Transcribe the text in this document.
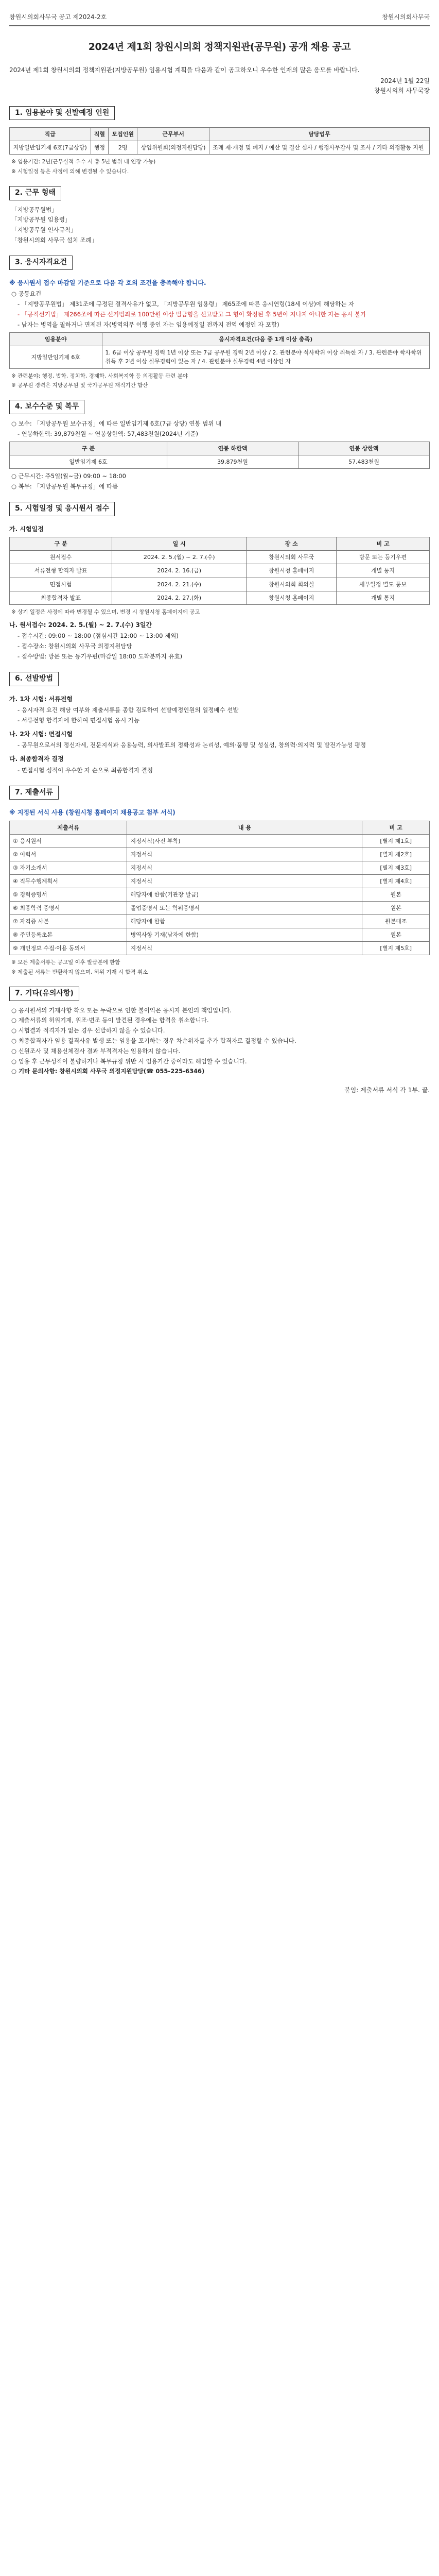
창원시의회사무국 공고 제2024-2호	창원시의회사무국
2024년 제1회 창원시의회 정책지원관(공무원) 공개 채용 공고

2024년 제1회 창원시의회 정책지원관(지방공무원) 임용시험 계획을 다음과 같이 공고하오니 우수한 인재의 많은 응모를 바랍니다.

2024년 1월 22일

창원시의회 사무국장

1. 임용분야 및 선발예정 인원
직급	직렬	모집인원	근무부서	담당업무
지방일반임기제 6호(7급상당)	행정	2명	상임위원회(의정지원담당)	조례 제·개정 및 폐지 / 예산 및 결산 심사 / 행정사무감사 및 조사 / 기타 의정활동 지원

※ 임용기간: 2년(근무실적 우수 시 총 5년 범위 내 연장 가능)

※ 시험일정 등은 사정에 의해 변경될 수 있습니다.

2. 근무 형태

「지방공무원법」

「지방공무원 임용령」

「지방공무원 인사규칙」

「창원시의회 사무국 설치 조례」

3. 응시자격요건

※ 응시원서 접수 마감일 기준으로 다음 각 호의 조건을 충족해야 합니다.

○ 공통요건

- 「지방공무원법」 제31조에 규정된 결격사유가 없고, 「지방공무원 임용령」 제65조에 따른 응시연령(18세 이상)에 해당하는 자

- 「공직선거법」 제266조에 따른 선거범죄로 100만원 이상 벌금형을 선고받고 그 형이 확정된 후 5년이 지나지 아니한 자는 응시 불가

- 남자는 병역을 필하거나 면제된 자(병역의무 이행 중인 자는 임용예정일 전까지 전역 예정인 자 포함)

임용분야	응시자격요건(다음 중 1개 이상 충족)
지방일반임기제 6호	1. 6급 이상 공무원 경력 1년 이상 또는 7급 공무원 경력 2년 이상 / 2. 관련분야 석사학위 이상 취득한 자 / 3. 관련분야 학사학위 취득 후 2년 이상 실무경력이 있는 자 / 4. 관련분야 실무경력 4년 이상인 자

※ 관련분야: 행정, 법학, 정치학, 경제학, 사회복지학 등 의정활동 관련 분야

※ 공무원 경력은 지방공무원 및 국가공무원 재직기간 합산

4. 보수수준 및 복무

○ 보수: 「지방공무원 보수규정」에 따른 일반임기제 6호(7급 상당) 연봉 범위 내

- 연봉하한액: 39,879천원 ~ 연봉상한액: 57,483천원(2024년 기준)

구 분	연봉 하한액	연봉 상한액
일반임기제 6호	39,879천원	57,483천원

○ 근무시간: 주5일(월~금) 09:00 ~ 18:00

○ 복무: 「지방공무원 복무규정」에 따름

5. 시험일정 및 응시원서 접수

가. 시험일정

구 분	일 시	장 소	비 고
원서접수	2024. 2. 5.(월) ~ 2. 7.(수)	창원시의회 사무국	방문 또는 등기우편
서류전형 합격자 발표	2024. 2. 16.(금)	창원시청 홈페이지	개별 통지
면접시험	2024. 2. 21.(수)	창원시의회 회의실	세부일정 별도 통보
최종합격자 발표	2024. 2. 27.(화)	창원시청 홈페이지	개별 통지

※ 상기 일정은 사정에 따라 변경될 수 있으며, 변경 시 창원시청 홈페이지에 공고

나. 원서접수: 2024. 2. 5.(월) ~ 2. 7.(수) 3일간

- 접수시간: 09:00 ~ 18:00 (점심시간 12:00 ~ 13:00 제외)

- 접수장소: 창원시의회 사무국 의정지원담당

- 접수방법: 방문 또는 등기우편(마감일 18:00 도착분까지 유효)

6. 선발방법

가. 1차 시험: 서류전형

- 응시자격 요건 해당 여부와 제출서류를 종합 검토하여 선발예정인원의 일정배수 선발

- 서류전형 합격자에 한하여 면접시험 응시 가능

나. 2차 시험: 면접시험

- 공무원으로서의 정신자세, 전문지식과 응용능력, 의사발표의 정확성과 논리성, 예의·품행 및 성실성, 창의력·의지력 및 발전가능성 평정

다. 최종합격자 결정

- 면접시험 성적이 우수한 자 순으로 최종합격자 결정

7. 제출서류

※ 지정된 서식 사용 (창원시청 홈페이지 채용공고 첨부 서식)

제출서류	내 용	비 고
① 응시원서	지정서식(사진 부착)	[별지 제1호]
② 이력서	지정서식	[별지 제2호]
③ 자기소개서	지정서식	[별지 제3호]
④ 직무수행계획서	지정서식	[별지 제4호]
⑤ 경력증명서	해당자에 한함(기관장 발급)	원본
⑥ 최종학력 증명서	졸업증명서 또는 학위증명서	원본
⑦ 자격증 사본	해당자에 한함	원본대조
⑧ 주민등록초본	병역사항 기재(남자에 한함)	원본
⑨ 개인정보 수집·이용 동의서	지정서식	[별지 제5호]

※ 모든 제출서류는 공고일 이후 발급분에 한함

※ 제출된 서류는 반환하지 않으며, 허위 기재 시 합격 취소

7. 기타(유의사항)

○ 응시원서의 기재사항 착오 또는 누락으로 인한 불이익은 응시자 본인의 책임입니다.

○ 제출서류의 허위기재, 위조·변조 등이 발견된 경우에는 합격을 취소합니다.

○ 시험결과 적격자가 없는 경우 선발하지 않을 수 있습니다.

○ 최종합격자가 임용 결격사유 발생 또는 임용을 포기하는 경우 차순위자를 추가 합격자로 결정할 수 있습니다.

○ 신원조사 및 채용신체검사 결과 부적격자는 임용하지 않습니다.

○ 임용 후 근무성적이 불량하거나 복무규정 위반 시 임용기간 중이라도 해임할 수 있습니다.

○ 기타 문의사항: 창원시의회 사무국 의정지원담당(☎ 055-225-6346)

붙임: 제출서류 서식 각 1부. 끝.
